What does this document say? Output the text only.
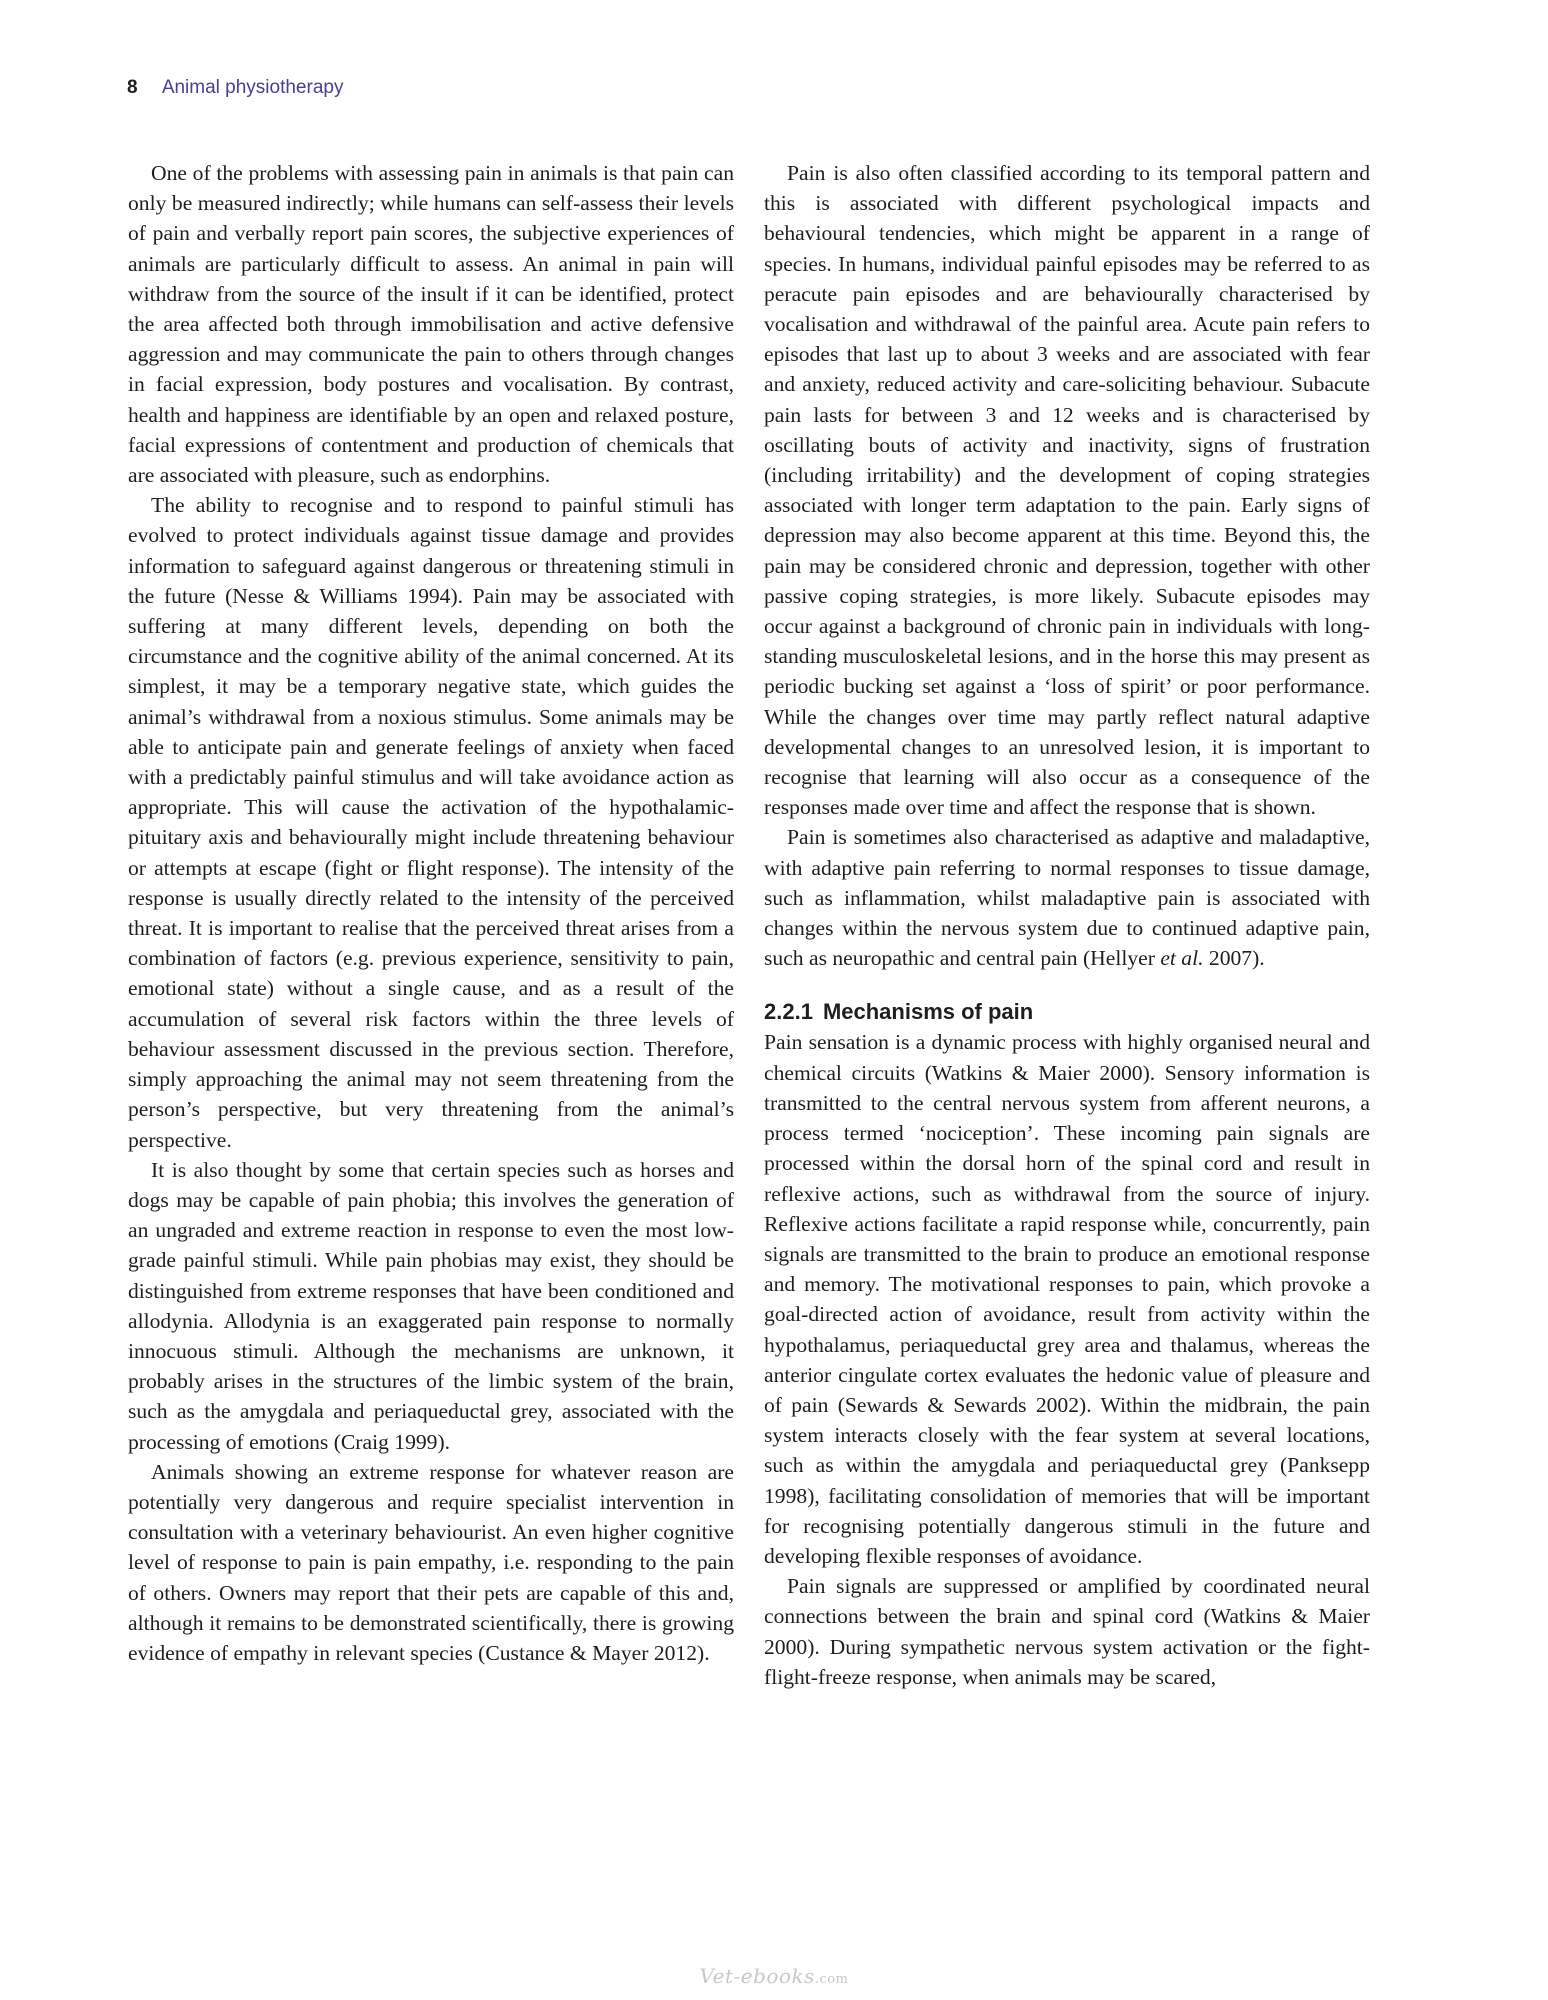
8 Animal physiotherapy

One of the problems with assessing pain in animals is that pain can only be measured indirectly; while humans can self-assess their levels of pain and verbally report pain scores, the subjective experiences of animals are particularly difficult to assess. An animal in pain will withdraw from the source of the insult if it can be identified, protect the area affected both through immobilisation and active defensive aggression and may communicate the pain to others through changes in facial expression, body postures and vocalisation. By contrast, health and happiness are identifiable by an open and relaxed posture, facial expressions of contentment and production of chemicals that are associated with pleasure, such as endorphins.

The ability to recognise and to respond to painful stimuli has evolved to protect individuals against tissue damage and provides information to safeguard against dangerous or threatening stimuli in the future (Nesse & Williams 1994). Pain may be associated with suffering at many different levels, depending on both the circumstance and the cognitive ability of the animal concerned. At its simplest, it may be a temporary negative state, which guides the animal’s withdrawal from a noxious stimulus. Some animals may be able to anticipate pain and generate feelings of anxiety when faced with a predictably painful stimulus and will take avoidance action as appropriate. This will cause the activation of the hypothalamic-pituitary axis and behaviourally might include threatening behaviour or attempts at escape (fight or flight response). The intensity of the response is usually directly related to the intensity of the perceived threat. It is important to realise that the perceived threat arises from a combination of factors (e.g. previous experience, sensitivity to pain, emotional state) without a single cause, and as a result of the accumulation of several risk factors within the three levels of behaviour assessment discussed in the previous section. Therefore, simply approaching the animal may not seem threatening from the person’s perspective, but very threatening from the animal’s perspective.

It is also thought by some that certain species such as horses and dogs may be capable of pain phobia; this involves the generation of an ungraded and extreme reaction in response to even the most low-grade painful stimuli. While pain phobias may exist, they should be distinguished from extreme responses that have been conditioned and allodynia. Allodynia is an exaggerated pain response to normally innocuous stimuli. Although the mechanisms are unknown, it probably arises in the structures of the limbic system of the brain, such as the amygdala and periaqueductal grey, associated with the processing of emotions (Craig 1999).

Animals showing an extreme response for whatever reason are potentially very dangerous and require specialist intervention in consultation with a veterinary behaviourist. An even higher cognitive level of response to pain is pain empathy, i.e. responding to the pain of others. Owners may report that their pets are capable of this and, although it remains to be demonstrated scientifically, there is growing evidence of empathy in relevant species (Custance & Mayer 2012).

Pain is also often classified according to its temporal pattern and this is associated with different psychological impacts and behavioural tendencies, which might be apparent in a range of species. In humans, individual painful episodes may be referred to as peracute pain episodes and are behaviourally characterised by vocalisation and withdrawal of the painful area. Acute pain refers to episodes that last up to about 3 weeks and are associated with fear and anxiety, reduced activity and care-soliciting behaviour. Subacute pain lasts for between 3 and 12 weeks and is characterised by oscillating bouts of activity and inactivity, signs of frustration (including irritability) and the development of coping strategies associated with longer term adaptation to the pain. Early signs of depression may also become apparent at this time. Beyond this, the pain may be considered chronic and depression, together with other passive coping strategies, is more likely. Subacute episodes may occur against a background of chronic pain in individuals with long-standing musculoskeletal lesions, and in the horse this may present as periodic bucking set against a ‘loss of spirit’ or poor performance. While the changes over time may partly reflect natural adaptive developmental changes to an unresolved lesion, it is important to recognise that learning will also occur as a consequence of the responses made over time and affect the response that is shown.

Pain is sometimes also characterised as adaptive and maladaptive, with adaptive pain referring to normal responses to tissue damage, such as inflammation, whilst maladaptive pain is associated with changes within the nervous system due to continued adaptive pain, such as neuropathic and central pain (Hellyer et al. 2007).

2.2.1 Mechanisms of pain

Pain sensation is a dynamic process with highly organised neural and chemical circuits (Watkins & Maier 2000). Sensory information is transmitted to the central nervous system from afferent neurons, a process termed ‘nociception’. These incoming pain signals are processed within the dorsal horn of the spinal cord and result in reflexive actions, such as withdrawal from the source of injury. Reflexive actions facilitate a rapid response while, concurrently, pain signals are transmitted to the brain to produce an emotional response and memory. The motivational responses to pain, which provoke a goal-directed action of avoidance, result from activity within the hypothalamus, periaqueductal grey area and thalamus, whereas the anterior cingulate cortex evaluates the hedonic value of pleasure and of pain (Sewards & Sewards 2002). Within the midbrain, the pain system interacts closely with the fear system at several locations, such as within the amygdala and periaqueductal grey (Panksepp 1998), facilitating consolidation of memories that will be important for recognising potentially dangerous stimuli in the future and developing flexible responses of avoidance.

Pain signals are suppressed or amplified by coordinated neural connections between the brain and spinal cord (Watkins & Maier 2000). During sympathetic nervous system activation or the fight-flight-freeze response, when animals may be scared,

Vet-ebooks.com
